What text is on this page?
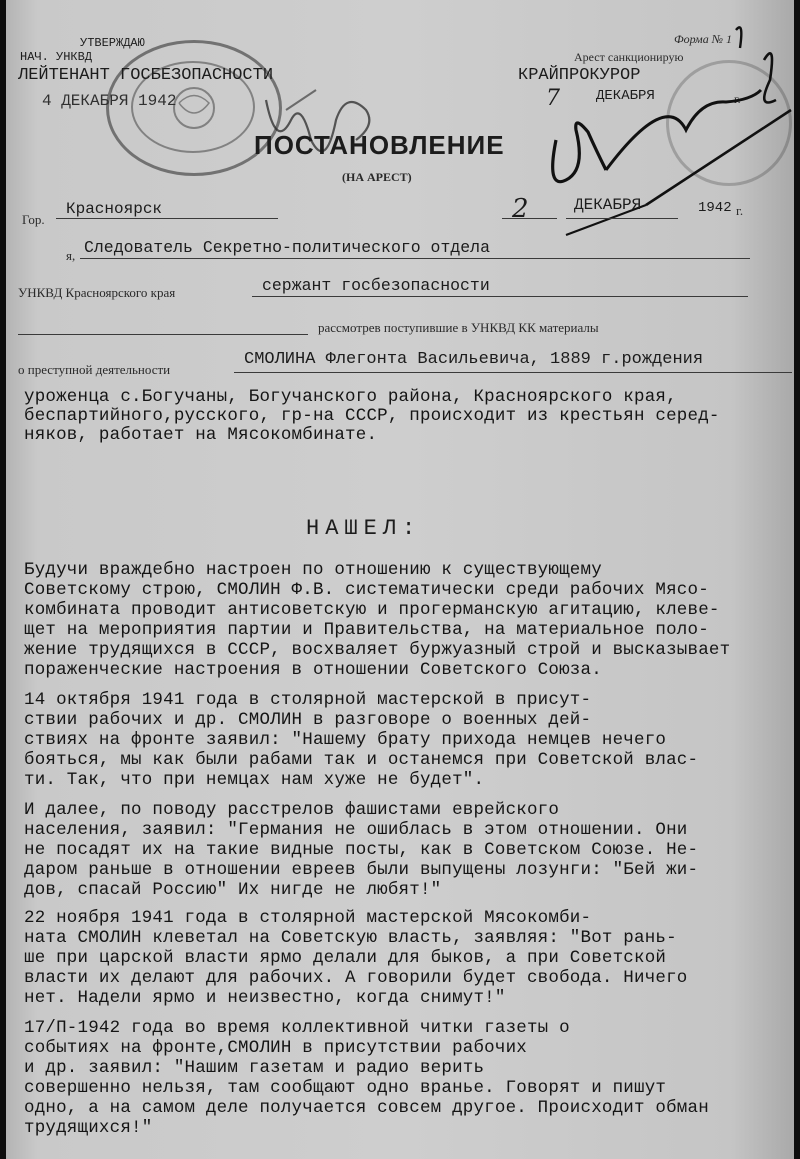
УТВЕРЖДАЮ
НАЧ. УНКВД
ЛЕЙТЕНАНТ ГОСБЕЗОПАСНОСТИ
4 ДЕКАБРЯ 1942
Форма № 1
Арест санкционирую
КРАЙПРОКУРОР
7	ДЕКАБРЯ	г.
ПОСТАНОВЛЕНИЕ
(НА АРЕСТ)
Гор.
Красноярск	2	ДЕКАБРЯ	1942 г.
я, Следователь Секретно-политического отдела
УНКВД Красноярского края	сержант госбезопасности
рассмотрев поступившие в УНКВД КК материалы
о преступной деятельности
СМОЛИНА Флегонта Васильевича, 1889 г.рождения
уроженца с.Богучаны, Богучанского района, Красноярского края,
беспартийного,русского, гр-на СССР, происходит из крестьян серед-
няков, работает на Мясокомбинате.
НАШЕЛ:
Будучи враждебно настроен по отношению к существующему
Советскому строю, СМОЛИН Ф.В. систематически среди рабочих Мясо-
комбината проводит антисоветскую и прогерманскую агитацию, клеве-
щет на мероприятия партии и Правительства, на материальное поло-
жение трудящихся в СССР, восхваляет буржуазный строй и высказывает
пораженческие настроения в отношении Советского Союза.
14 октября 1941 года в столярной мастерской в присут-
ствии рабочих и др. СМОЛИН в разговоре о военных дей-
ствиях на фронте заявил: "Нашему брату прихода немцев нечего
бояться, мы как были рабами так и останемся при Советской влас-
ти. Так, что при немцах нам хуже не будет".
И далее, по поводу расстрелов фашистами еврейского
населения, заявил: "Германия не ошиблась в этом отношении. Они
не посадят их на такие видные посты, как в Советском Союзе. Не-
даром раньше в отношении евреев были выпущены лозунги: "Бей жи-
дов, спасай Россию" Их нигде не любят!"
22 ноября 1941 года в столярной мастерской Мясокомби-
ната СМОЛИН клеветал на Советскую власть, заявляя: "Вот рань-
ше при царской власти ярмо делали для быков, а при Советской
власти их делают для рабочих. А говорили будет свобода. Ничего
нет. Надели ярмо и неизвестно, когда снимут!"
17/П-1942 года во время коллективной читки газеты о
событиях на фронте,СМОЛИН в присутствии рабочих
и др. заявил: "Нашим газетам и радио верить
совершенно нельзя, там сообщают одно вранье. Говорят и пишут
одно, а на самом деле получается совсем другое. Происходит обман
трудящихся!"
